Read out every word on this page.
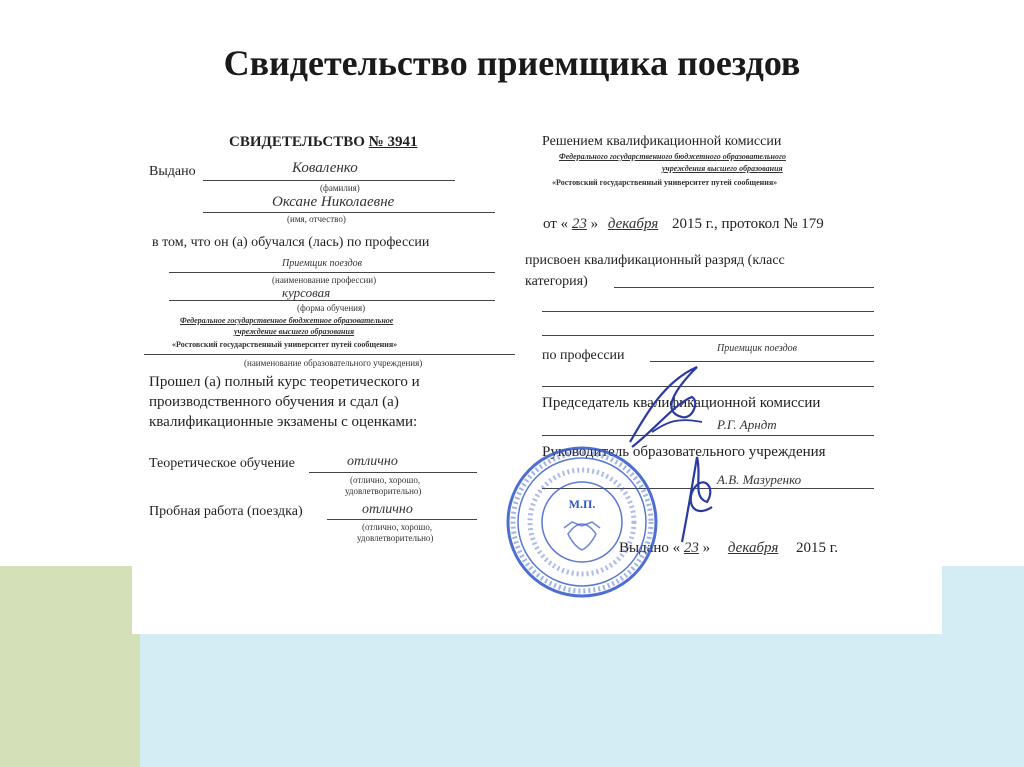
Свидетельство приемщика поездов
СВИДЕТЕЛЬСТВО № 3941
Выдано	Коваленко
(фамилия)
Оксане Николаевне
(имя, отчество)
в том, что он (а) обучался (лась) по профессии
Приемщик поездов
(наименование профессии)
курсовая
(форма обучения)
Федеральное государственное бюджетное образовательное
учреждение высшего образования
«Ростовский государственный университет путей сообщения»
(наименование образовательного учреждения)
Прошел (а) полный курс теоретического и
производственного обучения и сдал (а)
квалификационные экзамены с оценками:
Теоретическое обучение	отлично
(отлично, хорошо,
удовлетворительно)
Пробная работа (поездка)	отлично
(отлично, хорошо,
удовлетворительно)
Решением квалификационной комиссии
Федерального государственного бюджетного образовательного
учреждения высшего образования
«Ростовский государственный университет путей сообщения»
от « 23 » декабря 2015 г., протокол № 179
присвоен квалификационный разряд (класс
категория)
по профессии	Приемщик поездов
Председатель квалификационной комиссии
Р.Г. Арндт
Руководитель образовательного учреждения
А.В. Мазуренко
Выдано « 23 » декабря 2015 г.
М.П.
